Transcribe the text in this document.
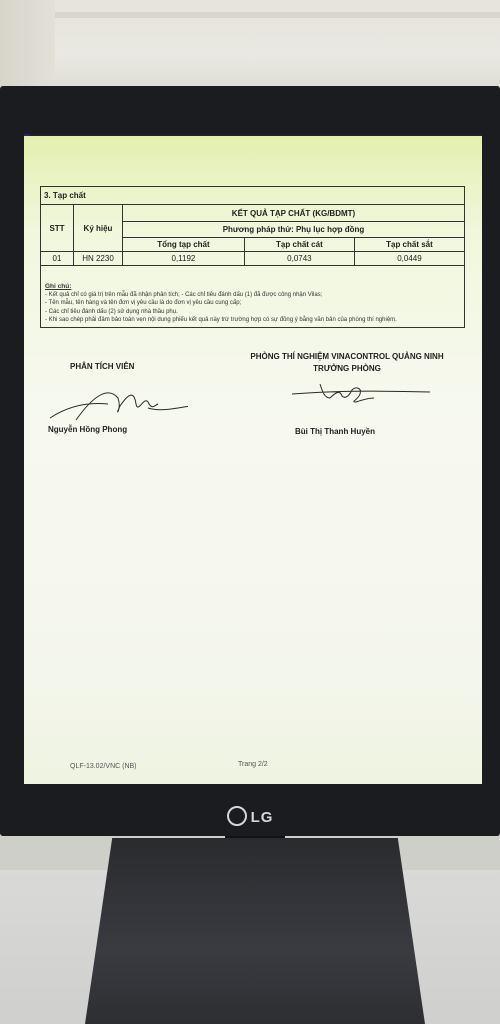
3. Tạp chất				
STT	Ký hiệu	KẾT QUẢ TẠP CHẤT (KG/BDMT)		
		Phương pháp thử: Phụ lục hợp đồng		
		Tổng tạp chất	Tạp chất cát	Tạp chất sắt
01	HN 2230	0,1192	0,0743	0,0449
Ghi chú:
- Kết quả chỉ có giá trị trên mẫu đã nhận phân tích; - Các chỉ tiêu đánh dấu (1) đã được công nhận Vilas;
- Tên mẫu, tên hàng và tên đơn vị yêu cầu là do đơn vị yêu cầu cung cấp;
- Các chỉ tiêu đánh dấu (2) sử dụng nhà thầu phụ.
- Khi sao chép phải đảm bảo toàn vẹn nội dung phiếu kết quả này trừ trường hợp có sự đồng ý bằng văn bản của phòng thí nghiệm.
PHÂN TÍCH VIÊN
PHÒNG THÍ NGHIỆM VINACONTROL QUẢNG NINH
TRƯỞNG PHÒNG
Nguyễn Hồng Phong	Bùi Thị Thanh Huyền
QLF-13.02/VNC (NB)	Trang 2/2
LG
